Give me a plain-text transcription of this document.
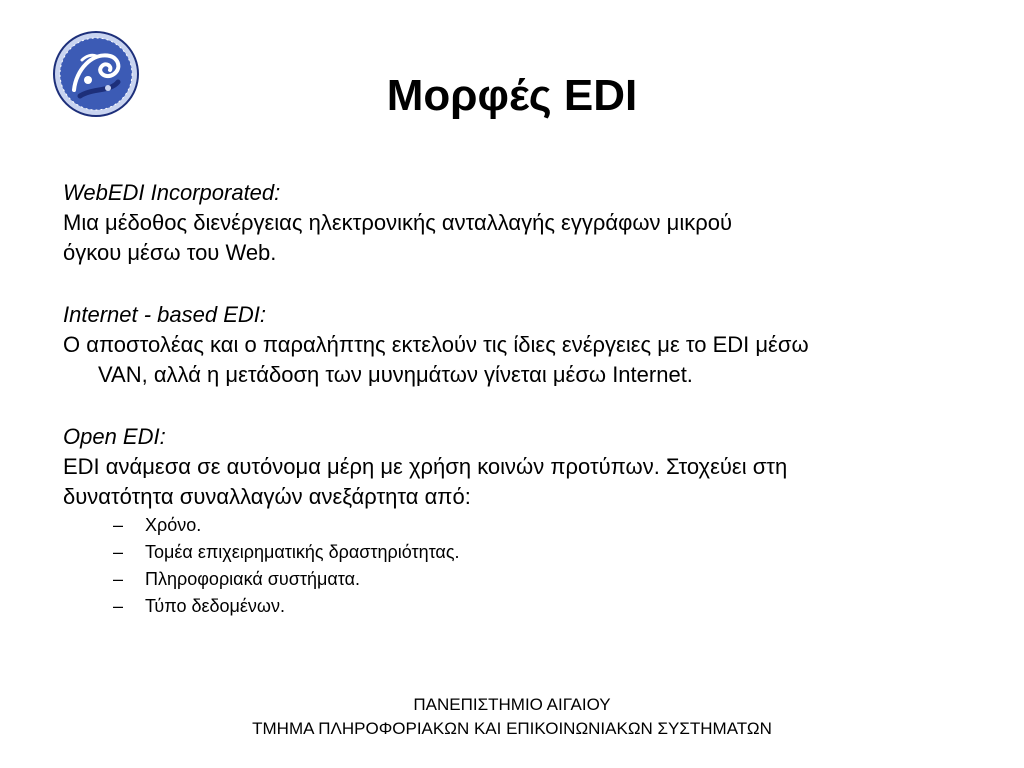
Μορφές EDI

WebEDI Incorporated:

Μια μέδοθος διενέργειας ηλεκτρονικής ανταλλαγής εγγράφων μικρού

όγκου μέσω του Web.

Internet - based EDI:

Ο αποστολέας και ο παραλήπτης εκτελούν τις ίδιες ενέργειες με το EDI μέσω

VAN, αλλά η μετάδοση των μυνημάτων γίνεται μέσω Internet.

Open EDI:

EDI ανάμεσα σε αυτόνομα μέρη με χρήση κοινών προτύπων. Στοχεύει στη

δυνατότητα συναλλαγών ανεξάρτητα από:

– Χρόνο.

– Τομέα επιχειρηματικής δραστηριότητας.

– Πληροφοριακά συστήματα.

– Τύπο δεδομένων.

ΠΑΝΕΠΙΣΤΗΜΙΟ ΑΙΓΑΙΟΥ
ΤΜΗΜΑ ΠΛΗΡΟΦΟΡΙΑΚΩΝ ΚΑΙ ΕΠΙΚΟΙΝΩΝΙΑΚΩΝ ΣΥΣΤΗΜΑΤΩΝ
